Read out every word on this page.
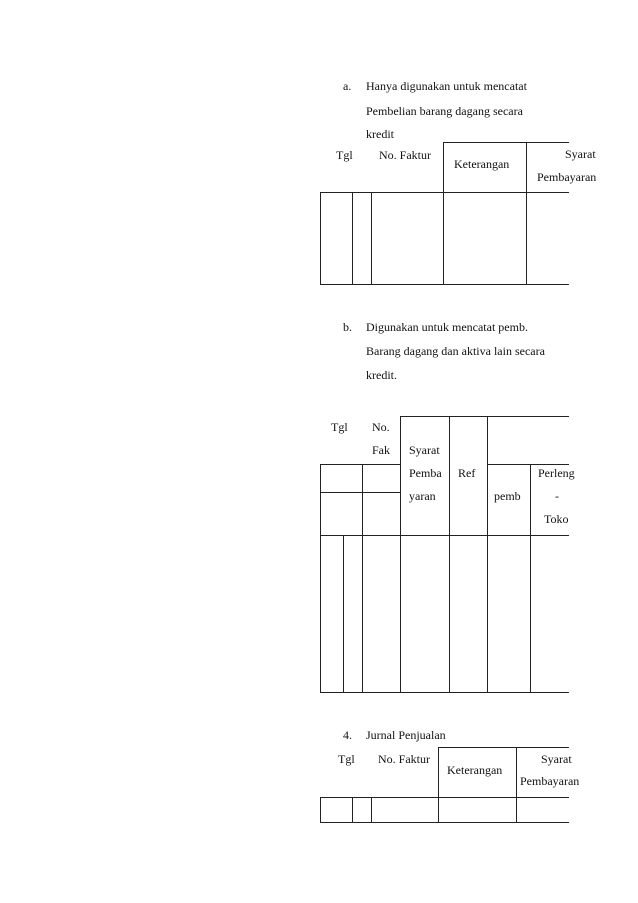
a. Hanya digunakan untuk mencatat
Pembelian barang dagang secara
kredit
Tgl No. Faktur
Keterangan
Syarat
Pembayaran
b. Digunakan untuk mencatat pemb.
Barang dagang dan aktiva lain secara
kredit.
Tgl No.
Fak Syarat
Pemba
yaran
Ref
pemb
Perleng
-
Toko
4. Jurnal Penjualan
Tgl No. Faktur
Keterangan
Syarat
Pembayaran
